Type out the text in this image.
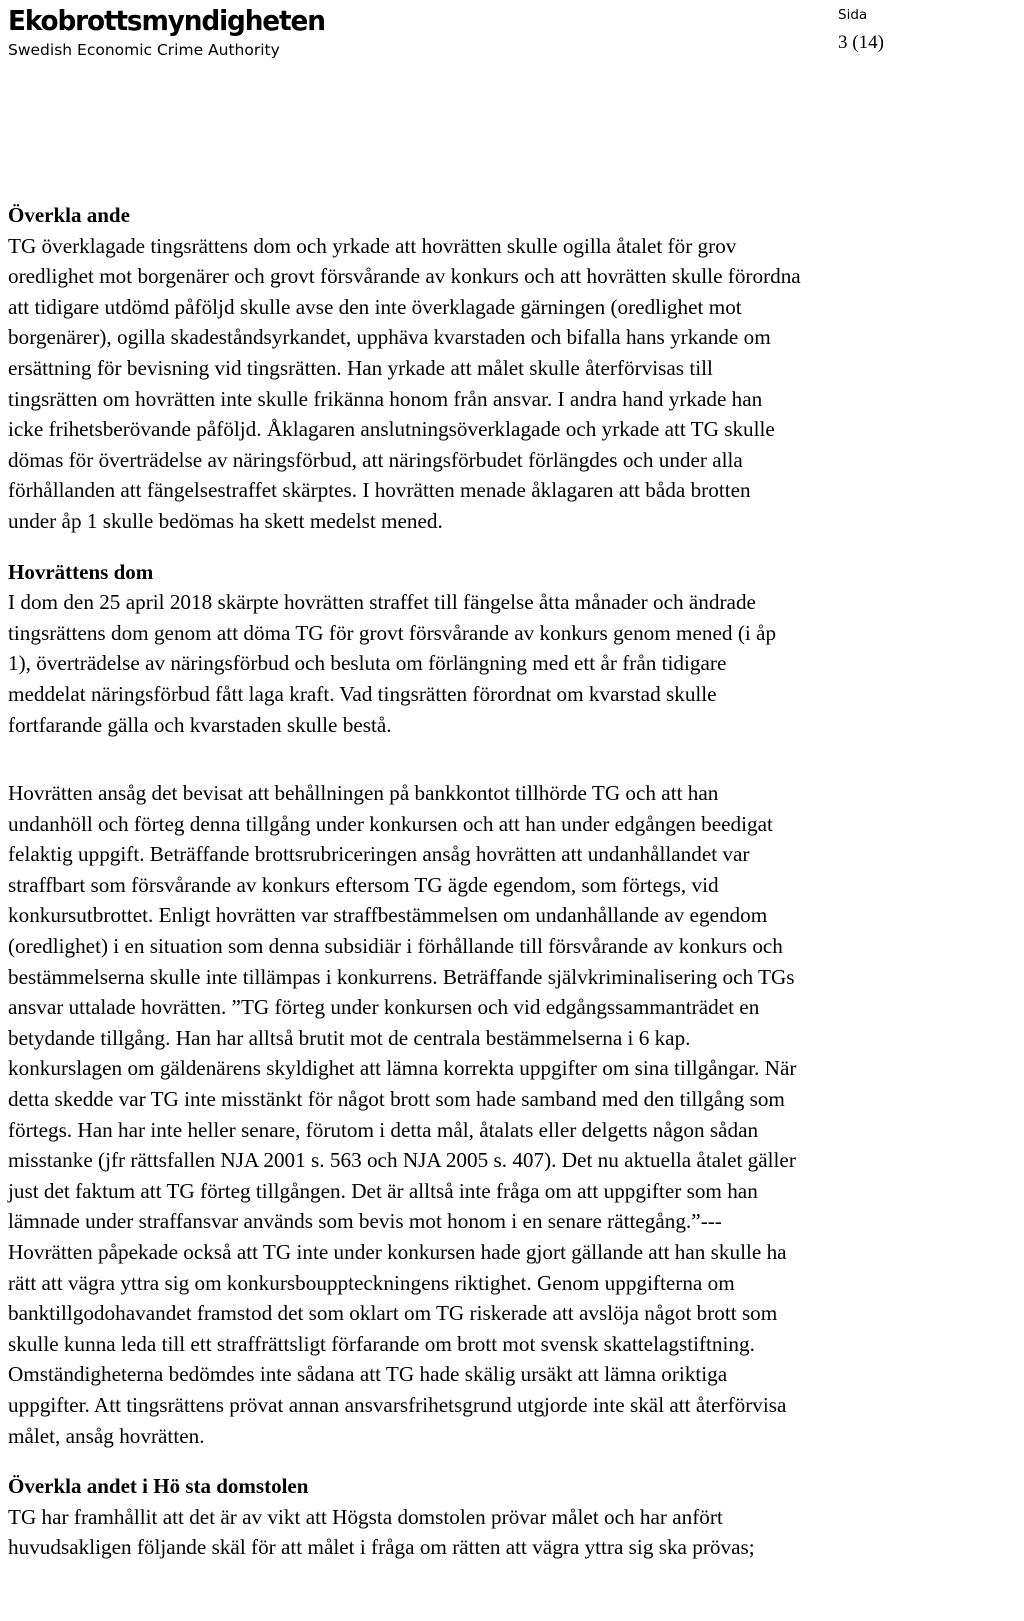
Ekobrottsmyndigheten
Swedish Economic Crime Authority
Sida
3 (14)
Överkla ande
TG överklagade tingsrättens dom och yrkade att hovrätten skulle ogilla åtalet för grov
oredlighet mot borgenärer och grovt försvårande av konkurs och att hovrätten skulle förordna
att tidigare utdömd påföljd skulle avse den inte överklagade gärningen (oredlighet mot
borgenärer), ogilla skadeståndsyrkandet, upphäva kvarstaden och bifalla hans yrkande om
ersättning för bevisning vid tingsrätten. Han yrkade att målet skulle återförvisas till
tingsrätten om hovrätten inte skulle frikänna honom från ansvar. I andra hand yrkade han
icke frihetsberövande påföljd. Åklagaren anslutningsöverklagade och yrkade att TG skulle
dömas för överträdelse av näringsförbud, att näringsförbudet förlängdes och under alla
förhållanden att fängelsestraffet skärptes. I hovrätten menade åklagaren att båda brotten
under åp 1 skulle bedömas ha skett medelst mened.
Hovrättens dom
I dom den 25 april 2018 skärpte hovrätten straffet till fängelse åtta månader och ändrade
tingsrättens dom genom att döma TG för grovt försvårande av konkurs genom mened (i åp
1), överträdelse av näringsförbud och besluta om förlängning med ett år från tidigare
meddelat näringsförbud fått laga kraft. Vad tingsrätten förordnat om kvarstad skulle
fortfarande gälla och kvarstaden skulle bestå.
Hovrätten ansåg det bevisat att behållningen på bankkontot tillhörde TG och att han
undanhöll och förteg denna tillgång under konkursen och att han under edgången beedigat
felaktig uppgift. Beträffande brottsrubriceringen ansåg hovrätten att undanhållandet var
straffbart som försvårande av konkurs eftersom TG ägde egendom, som förtegs, vid
konkursutbrottet. Enligt hovrätten var straffbestämmelsen om undanhållande av egendom
(oredlighet) i en situation som denna subsidiär i förhållande till försvårande av konkurs och
bestämmelserna skulle inte tillämpas i konkurrens. Beträffande självkriminalisering och TGs
ansvar uttalade hovrätten. ”TG förteg under konkursen och vid edgångssammanträdet en
betydande tillgång. Han har alltså brutit mot de centrala bestämmelserna i 6 kap.
konkurslagen om gäldenärens skyldighet att lämna korrekta uppgifter om sina tillgångar. När
detta skedde var TG inte misstänkt för något brott som hade samband med den tillgång som
förtegs. Han har inte heller senare, förutom i detta mål, åtalats eller delgetts någon sådan
misstanke (jfr rättsfallen NJA 2001 s. 563 och NJA 2005 s. 407). Det nu aktuella åtalet gäller
just det faktum att TG förteg tillgången. Det är alltså inte fråga om att uppgifter som han
lämnade under straffansvar används som bevis mot honom i en senare rättegång.”---
Hovrätten påpekade också att TG inte under konkursen hade gjort gällande att han skulle ha
rätt att vägra yttra sig om konkursbouppteckningens riktighet. Genom uppgifterna om
banktillgodohavandet framstod det som oklart om TG riskerade att avslöja något brott som
skulle kunna leda till ett straffrättsligt förfarande om brott mot svensk skattelagstiftning.
Omständigheterna bedömdes inte sådana att TG hade skälig ursäkt att lämna oriktiga
uppgifter. Att tingsrättens prövat annan ansvarsfrihetsgrund utgjorde inte skäl att återförvisa
målet, ansåg hovrätten.
Överkla andet i Hö sta domstolen
TG har framhållit att det är av vikt att Högsta domstolen prövar målet och har anfört
huvudsakligen följande skäl för att målet i fråga om rätten att vägra yttra sig ska prövas;
